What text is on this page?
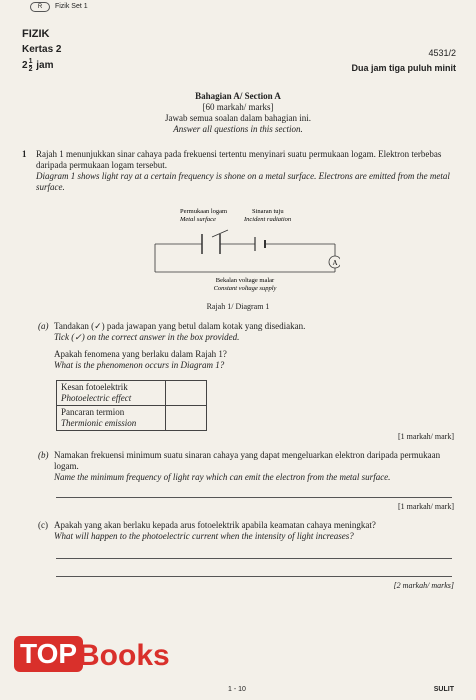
R Fizik Set 1
FIZIK
Kertas 2
$2 \frac{1}{2}$ jam
4531/2
Dua jam tiga puluh minit
Bahagian A/ Section A
[60 markah/ marks]
Jawab semua soalan dalam bahagian ini.
Answer all questions in this section.
1 Rajah 1 menunjukkan sinar cahaya pada frekuensi tertentu menyinari suatu permukaan logam. Elektron terbebas daripada permukaan logam tersebut.
Diagram 1 shows light ray at a certain frequency is shone on a metal surface. Electrons are emitted from the metal surface.
A
Permukaan logam
Metal surface
Sinaran tuju
Incident radiation
Bekalan voltage malar
Constant voltage supply
Rajah 1/ Diagram 1
(a) Tandakan (✓) pada jawapan yang betul dalam kotak yang disediakan.
Tick (✓) on the correct answer in the box provided.
Apakah fenomena yang berlaku dalam Rajah 1?
What is the phenomenon occurs in Diagram 1?
Kesan fotoelektrik
Photoelectric effect	

Pancaran termion
Thermionic emission	

[1 markah/ mark]
(b) Namakan frekuensi minimum suatu sinaran cahaya yang dapat mengeluarkan elektron daripada permukaan logam.
Name the minimum frequency of light ray which can emit the electron from the metal surface.
[1 markah/ mark]
(c) Apakah yang akan berlaku kepada arus fotoelektrik apabila keamatan cahaya meningkat?
What will happen to the photoelectric current when the intensity of light increases?
[2 markah/ marks]
TOP Books
1 - 10	SULIT
